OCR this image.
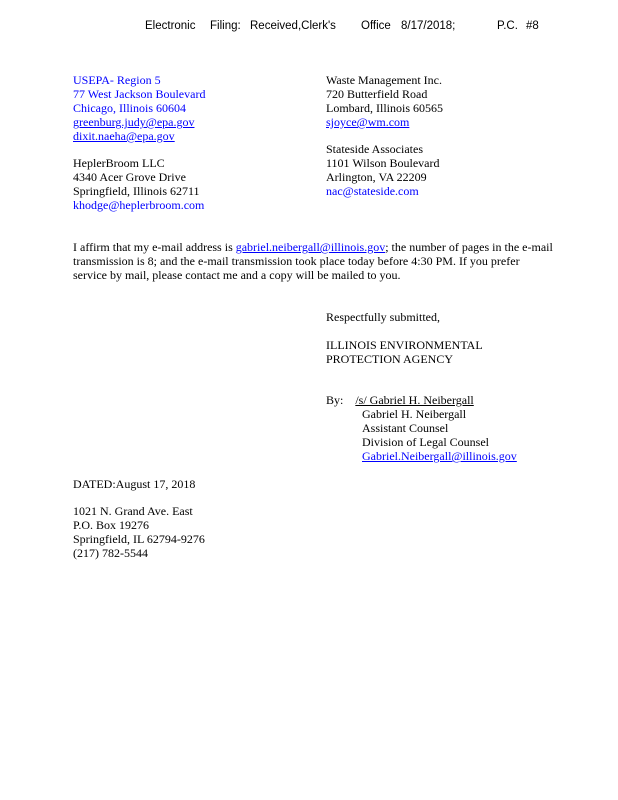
Electronic Filing: Received,Clerk's Office 8/17/2018;	P.C. #8
USEPA- Region 5
77 West Jackson Boulevard
Chicago, Illinois 60604
greenburg.judy@epa.gov
dixit.naeha@epa.gov
HeplerBroom LLC
4340 Acer Grove Drive
Springfield, Illinois 62711
khodge@heplerbroom.com
Waste Management Inc.
720 Butterfield Road
Lombard, Illinois 60565
sjoyce@wm.com
Stateside Associates
1101 Wilson Boulevard
Arlington, VA 22209
nac@stateside.com
I affirm that my e-mail address is gabriel.neibergall@illinois.gov; the number of pages in the e-mail transmission is 8; and the e-mail transmission took place today before 4:30 PM. If you prefer service by mail, please contact me and a copy will be mailed to you.
Respectfully submitted,
ILLINOIS ENVIRONMENTAL
PROTECTION AGENCY
By: /s/ Gabriel H. Neibergall
Gabriel H. Neibergall
Assistant Counsel
Division of Legal Counsel
Gabriel.Neibergall@illinois.gov
DATED:August 17, 2018
1021 N. Grand Ave. East
P.O. Box 19276
Springfield, IL 62794-9276
(217) 782-5544
